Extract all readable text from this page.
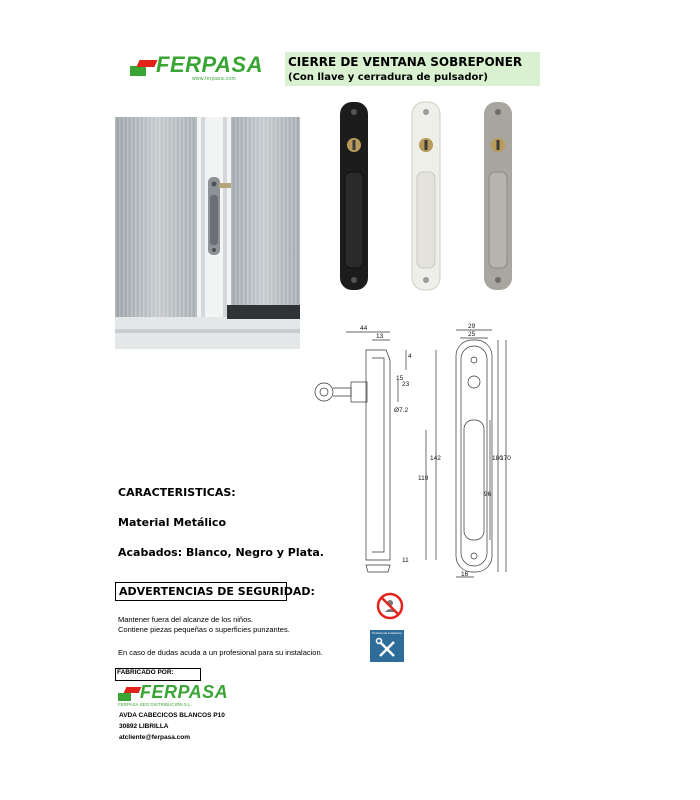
FERPASA
www.ferpasa.com
CIERRE DE VENTANA SOBREPONER
(Con llave y cerradura de pulsador)
44
13
29
25
15
23
4
Ø7.2
142
119
180
170
96
16
11
CARACTERISTICAS:
Material Metálico
Acabados: Blanco, Negro y Plata.
ADVERTENCIAS DE SEGURIDAD:
Mantener fuera del alcanze de los niños.
Contiene piezas pequeñas o superficies punzantes.
En caso de dudas acuda a un profesional para su instalacion.
Profesional instalacion
FABRICADO POR:
FERPASA
FERPASA SEG DISTRIBUCIÓN S.L.
AVDA CABECICOS BLANCOS P10
30892 LIBRILLA
atcliente@ferpasa.com
